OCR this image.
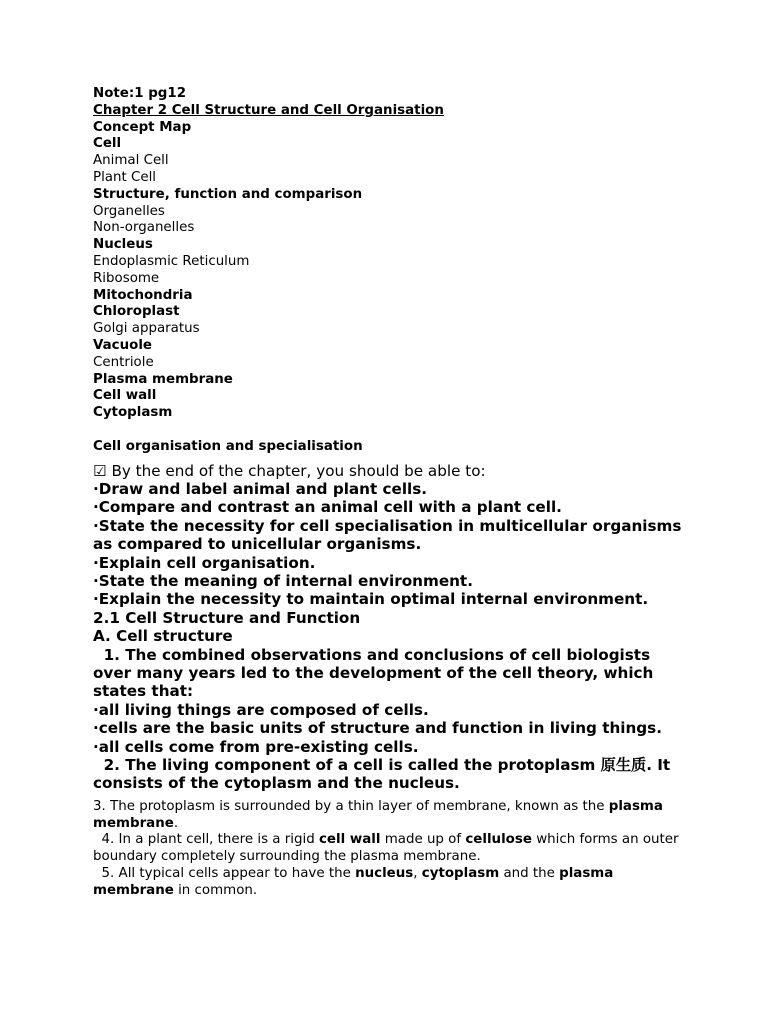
Note:1 pg12
Chapter 2 Cell Structure and Cell Organisation
Concept Map
Cell
Animal Cell
Plant Cell
Structure, function and comparison
Organelles
Non-organelles
Nucleus
Endoplasmic Reticulum
Ribosome
Mitochondria
Chloroplast
Golgi apparatus
Vacuole
Centriole
Plasma membrane
Cell wall
Cytoplasm
Cell organisation and specialisation
☑ By the end of the chapter, you should be able to:
·Draw and label animal and plant cells.
·Compare and contrast an animal cell with a plant cell.
·State the necessity for cell specialisation in multicellular organisms as compared to unicellular organisms.
·Explain cell organisation.
·State the meaning of internal environment.
·Explain the necessity to maintain optimal internal environment.
2.1 Cell Structure and Function
A. Cell structure
1. The combined observations and conclusions of cell biologists over many years led to the development of the cell theory, which states that:
·all living things are composed of cells.
·cells are the basic units of structure and function in living things.
·all cells come from pre-existing cells.
2. The living component of a cell is called the protoplasm 原生质. It consists of the cytoplasm and the nucleus.
3. The protoplasm is surrounded by a thin layer of membrane, known as the plasma membrane.
4. In a plant cell, there is a rigid cell wall made up of cellulose which forms an outer boundary completely surrounding the plasma membrane.
5. All typical cells appear to have the nucleus, cytoplasm and the plasma membrane in common.
